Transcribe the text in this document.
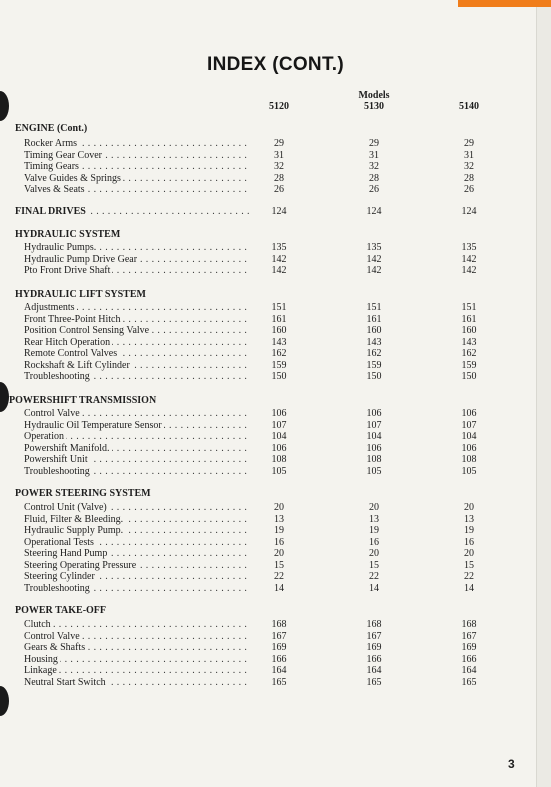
INDEX (CONT.)
Models
5120	5130	5140
ENGINE (Cont.)
Rocker Arms . . .	29	29	29
Timing Gear Cover . . .	31	31	31
Timing Gears . . .	32	32	32
Valve Guides & Springs . . .	28	28	28
Valves & Seats . . .	26	26	26
FINAL DRIVES . . .	124	124	124
HYDRAULIC SYSTEM
Hydraulic Pumps. . . .	135	135	135
Hydraulic Pump Drive Gear . . .	142	142	142
Pto Front Drive Shaft . . .	142	142	142
HYDRAULIC LIFT SYSTEM
Adjustments . . .	151	151	151
Front Three-Point Hitch . . .	161	161	161
Position Control Sensing Valve . . .	160	160	160
Rear Hitch Operation . . .	143	143	143
Remote Control Valves . . .	162	162	162
Rockshaft & Lift Cylinder . . .	159	159	159
Troubleshooting . . .	150	150	150
POWERSHIFT TRANSMISSION
Control Valve . . .	106	106	106
Hydraulic Oil Temperature Sensor . . .	107	107	107
Operation . . .	104	104	104
Powershift Manifold. . . .	106	106	106
Powershift Unit . . .	108	108	108
Troubleshooting . . .	105	105	105
POWER STEERING SYSTEM
Control Unit (Valve) . . .	20	20	20
Fluid, Filter & Bleeding. . . .	13	13	13
Hydraulic Supply Pump. . . .	19	19	19
Operational Tests . . .	16	16	16
Steering Hand Pump . . .	20	20	20
Steering Operating Pressure . . .	15	15	15
Steering Cylinder . . .	22	22	22
Troubleshooting . . .	14	14	14
POWER TAKE-OFF
Clutch . . .	168	168	168
Control Valve . . .	167	167	167
Gears & Shafts . . .	169	169	169
Housing . . .	166	166	166
Linkage . . .	164	164	164
Neutral Start Switch . . .	165	165	165
3
